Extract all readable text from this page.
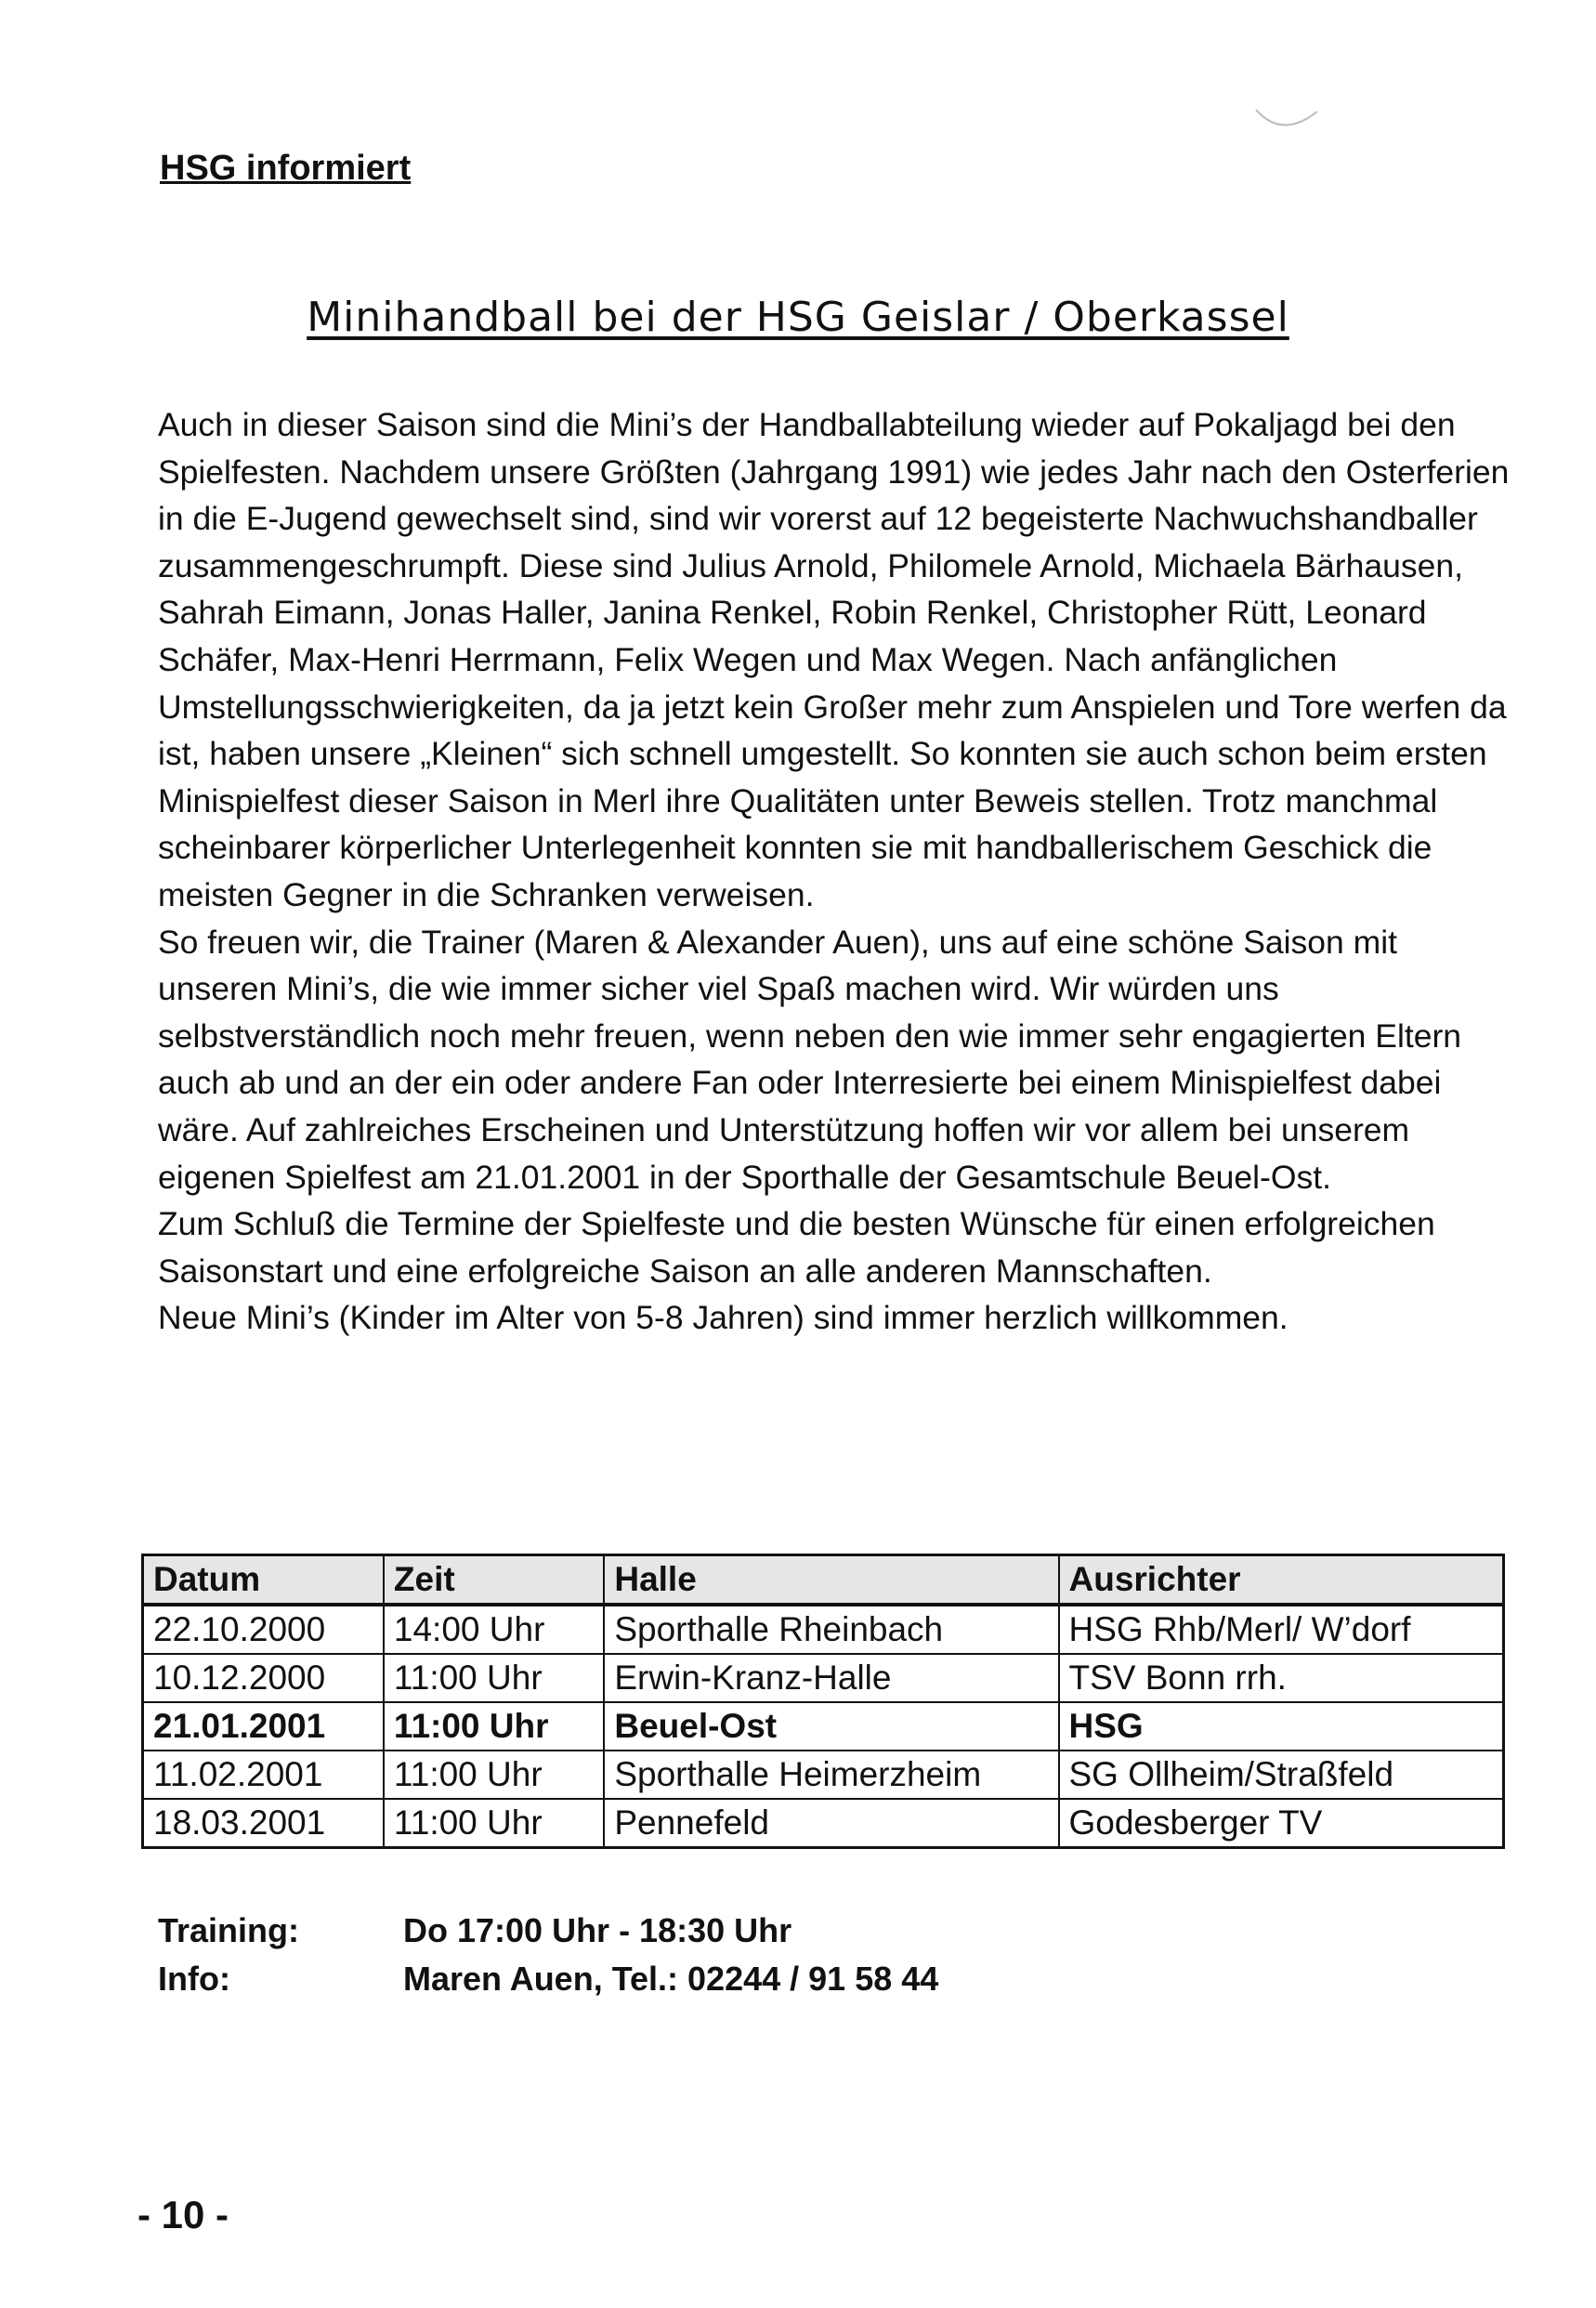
HSG informiert
Minihandball bei der HSG Geislar / Oberkassel

Auch in dieser Saison sind die Mini’s der Handballabteilung wieder auf Pokaljagd bei den Spielfesten. Nachdem unsere Größten (Jahrgang 1991) wie jedes Jahr nach den Osterferien in die E-Jugend gewechselt sind, sind wir vorerst auf 12 begeisterte Nachwuchshandballer zusammengeschrumpft. Diese sind Julius Arnold, Philomele Arnold, Michaela Bärhausen, Sahrah Eimann, Jonas Haller, Janina Renkel, Robin Renkel, Christopher Rütt, Leonard Schäfer, Max-Henri Herrmann, Felix Wegen und Max Wegen. Nach anfänglichen Umstellungsschwierigkeiten, da ja jetzt kein Großer mehr zum Anspielen und Tore werfen da ist, haben unsere „Kleinen“ sich schnell umgestellt. So konnten sie auch schon beim ersten Minispielfest dieser Saison in Merl ihre Qualitäten unter Beweis stellen. Trotz manchmal scheinbarer körperlicher Unterlegenheit konnten sie mit handballerischem Geschick die meisten Gegner in die Schranken verweisen.

So freuen wir, die Trainer (Maren & Alexander Auen), uns auf eine schöne Saison mit unseren Mini’s, die wie immer sicher viel Spaß machen wird. Wir würden uns selbstverständlich noch mehr freuen, wenn neben den wie immer sehr engagierten Eltern auch ab und an der ein oder andere Fan oder Interresierte bei einem Minispielfest dabei wäre. Auf zahlreiches Erscheinen und Unterstützung hoffen wir vor allem bei unserem eigenen Spielfest am 21.01.2001 in der Sporthalle der Gesamtschule Beuel-Ost.

Zum Schluß die Termine der Spielfeste und die besten Wünsche für einen erfolgreichen Saisonstart und eine erfolgreiche Saison an alle anderen Mannschaften.

Neue Mini’s (Kinder im Alter von 5-8 Jahren) sind immer herzlich willkommen.

Datum	Zeit	Halle	Ausrichter
22.10.2000	14:00 Uhr	Sporthalle Rheinbach	HSG Rhb/Merl/ W’dorf
10.12.2000	11:00 Uhr	Erwin-Kranz-Halle	TSV Bonn rrh.
21.01.2001	11:00 Uhr	Beuel-Ost	HSG
11.02.2001	11:00 Uhr	Sporthalle Heimerzheim	SG Ollheim/Straßfeld
18.03.2001	11:00 Uhr	Pennefeld	Godesberger TV
Training:	Do 17:00 Uhr - 18:30 Uhr
Info:	Maren Auen, Tel.: 02244 / 91 58 44
- 10 -
